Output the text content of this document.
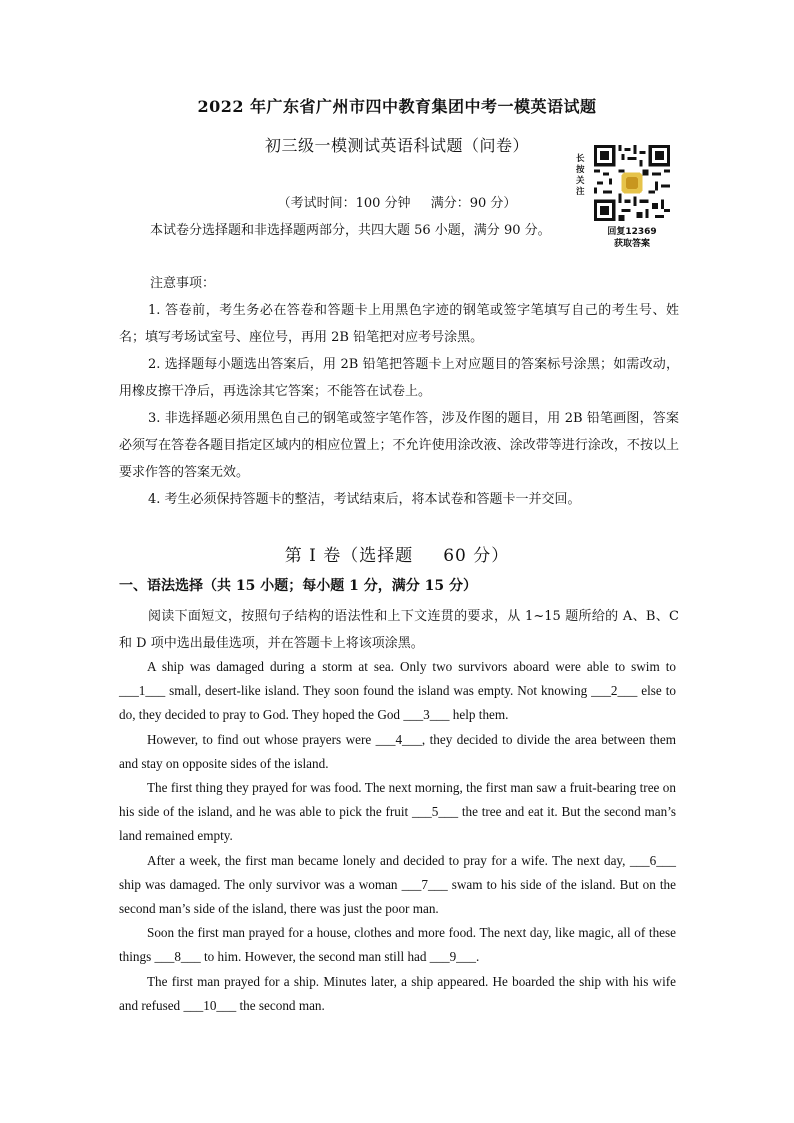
2022 年广东省广州市四中教育集团中考一模英语试题
初三级一模测试英语科试题（问卷）
长按关注
回复12369
获取答案
（考试时间：100 分钟 满分：90 分）
本试卷分选择题和非选择题两部分，共四大题 56 小题，满分 90 分。
注意事项：

1. 答卷前，考生务必在答卷和答题卡上用黑色字迹的钢笔或签字笔填写自己的考生号、姓名；填写考场试室号、座位号，再用 2B 铅笔把对应考号涂黑。

2. 选择题每小题选出答案后，用 2B 铅笔把答题卡上对应题目的答案标号涂黑；如需改动，用橡皮擦干净后，再选涂其它答案；不能答在试卷上。

3. 非选择题必须用黑色自己的钢笔或签字笔作答，涉及作图的题目，用 2B 铅笔画图，答案必须写在答卷各题目指定区域内的相应位置上；不允许使用涂改液、涂改带等进行涂改，不按以上要求作答的答案无效。

4. 考生必须保持答题卡的整洁，考试结束后，将本试卷和答题卡一并交回。

第 I 卷（选择题 60 分）
一、语法选择（共 15 小题；每小题 1 分，满分 15 分）

阅读下面短文，按照句子结构的语法性和上下文连贯的要求，从 1~15 题所给的 A、B、C 和 D 项中选出最佳选项，并在答题卡上将该项涂黑。

A ship was damaged during a storm at sea. Only two survivors aboard were able to swim to ___1___ small, desert-like island. They soon found the island was empty. Not knowing ___2___ else to do, they decided to pray to God. They hoped the God ___3___ help them.

However, to find out whose prayers were ___4___, they decided to divide the area between them and stay on opposite sides of the island.

The first thing they prayed for was food. The next morning, the first man saw a fruit-bearing tree on his side of the island, and he was able to pick the fruit ___5___ the tree and eat it. But the second man’s land remained empty.

After a week, the first man became lonely and decided to pray for a wife. The next day, ___6___ ship was damaged. The only survivor was a woman ___7___ swam to his side of the island. But on the second man’s side of the island, there was just the poor man.

Soon the first man prayed for a house, clothes and more food. The next day, like magic, all of these things ___8___ to him. However, the second man still had ___9___.

The first man prayed for a ship. Minutes later, a ship appeared. He boarded the ship with his wife and refused ___10___ the second man.
